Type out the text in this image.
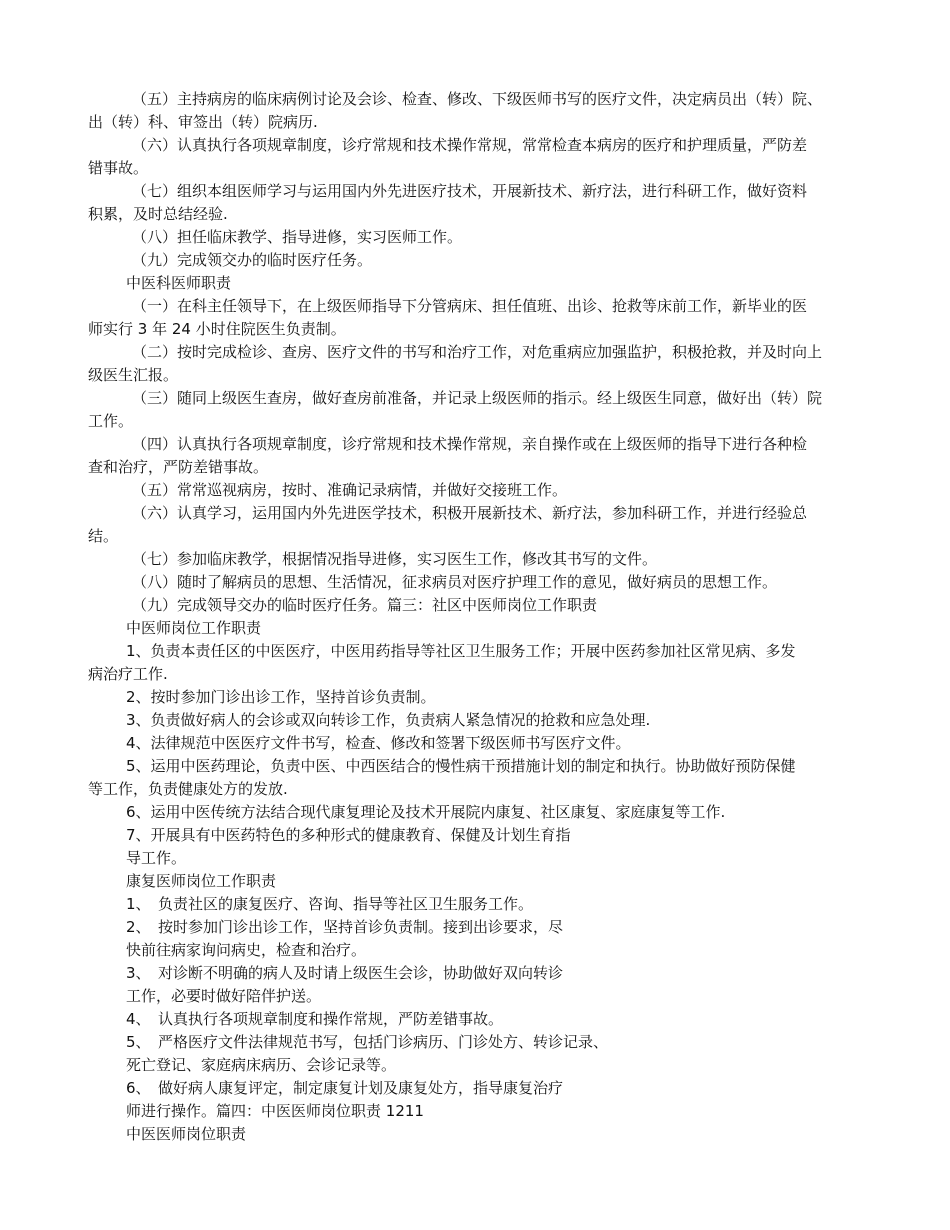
（五）主持病房的临床病例讨论及会诊、检查、修改、下级医师书写的医疗文件，决定病员出（转）院、
出（转）科、审签出（转）院病历.
（六）认真执行各项规章制度，诊疗常规和技术操作常规，常常检查本病房的医疗和护理质量，严防差
错事故。
（七）组织本组医师学习与运用国内外先进医疗技术，开展新技术、新疗法，进行科研工作，做好资料
积累，及时总结经验.
（八）担任临床教学、指导进修，实习医师工作。
（九）完成领交办的临时医疗任务。
中医科医师职责
（一）在科主任领导下，在上级医师指导下分管病床、担任值班、出诊、抢救等床前工作，新毕业的医
师实行 3 年 24 小时住院医生负责制。
（二）按时完成检诊、查房、医疗文件的书写和治疗工作，对危重病应加强监护，积极抢救，并及时向上
级医生汇报。
（三）随同上级医生查房，做好查房前准备，并记录上级医师的指示。经上级医生同意，做好出（转）院
工作。
（四）认真执行各项规章制度，诊疗常规和技术操作常规，亲自操作或在上级医师的指导下进行各种检
查和治疗，严防差错事故。
（五）常常巡视病房，按时、准确记录病情，并做好交接班工作。
（六）认真学习，运用国内外先进医学技术，积极开展新技术、新疗法，参加科研工作，并进行经验总
结。
（七）参加临床教学，根据情况指导进修，实习医生工作，修改其书写的文件。
（八）随时了解病员的思想、生活情况，征求病员对医疗护理工作的意见，做好病员的思想工作。
（九）完成领导交办的临时医疗任务。篇三：社区中医师岗位工作职责
中医师岗位工作职责
1、负责本责任区的中医医疗，中医用药指导等社区卫生服务工作；开展中医药参加社区常见病、多发
病治疗工作.
2、按时参加门诊出诊工作，坚持首诊负责制。
3、负责做好病人的会诊或双向转诊工作，负责病人紧急情况的抢救和应急处理.
4、法律规范中医医疗文件书写，检查、修改和签署下级医师书写医疗文件。
5、运用中医药理论，负责中医、中西医结合的慢性病干预措施计划的制定和执行。协助做好预防保健
等工作，负责健康处方的发放.
6、运用中医传统方法结合现代康复理论及技术开展院内康复、社区康复、家庭康复等工作.
7、开展具有中医药特色的多种形式的健康教育、保健及计划生育指
导工作。
康复医师岗位工作职责
1、　负责社区的康复医疗、咨询、指导等社区卫生服务工作。
2、　按时参加门诊出诊工作，坚持首诊负责制。接到出诊要求，尽
快前往病家询问病史，检查和治疗。
3、　对诊断不明确的病人及时请上级医生会诊，协助做好双向转诊
工作，必要时做好陪伴护送。
4、　认真执行各项规章制度和操作常规，严防差错事故。
5、　严格医疗文件法律规范书写，包括门诊病历、门诊处方、转诊记录、
死亡登记、家庭病床病历、会诊记录等。
6、　做好病人康复评定，制定康复计划及康复处方，指导康复治疗
师进行操作。篇四：中医医师岗位职责 1211
中医医师岗位职责
